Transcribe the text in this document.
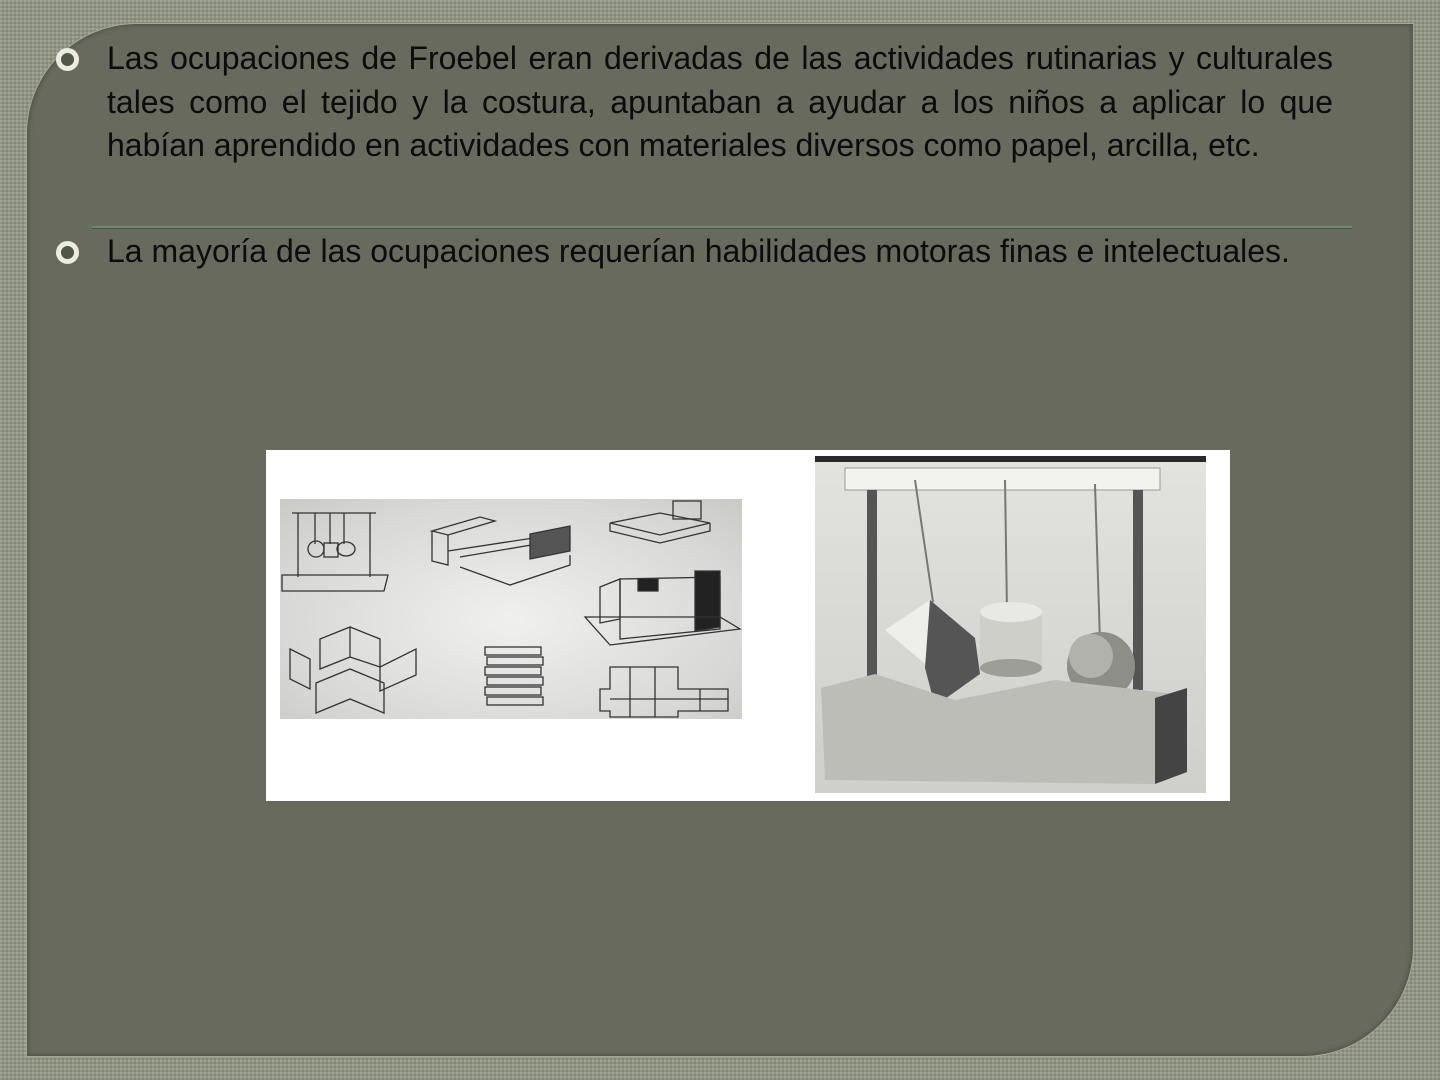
Las ocupaciones de Froebel eran derivadas de las actividades rutinarias y culturales tales como el tejido y la costura, apuntaban a ayudar a los niños a aplicar lo que habían aprendido en actividades con materiales diversos como papel, arcilla, etc.

La mayoría de las ocupaciones requerían habilidades motoras finas e intelectuales.
